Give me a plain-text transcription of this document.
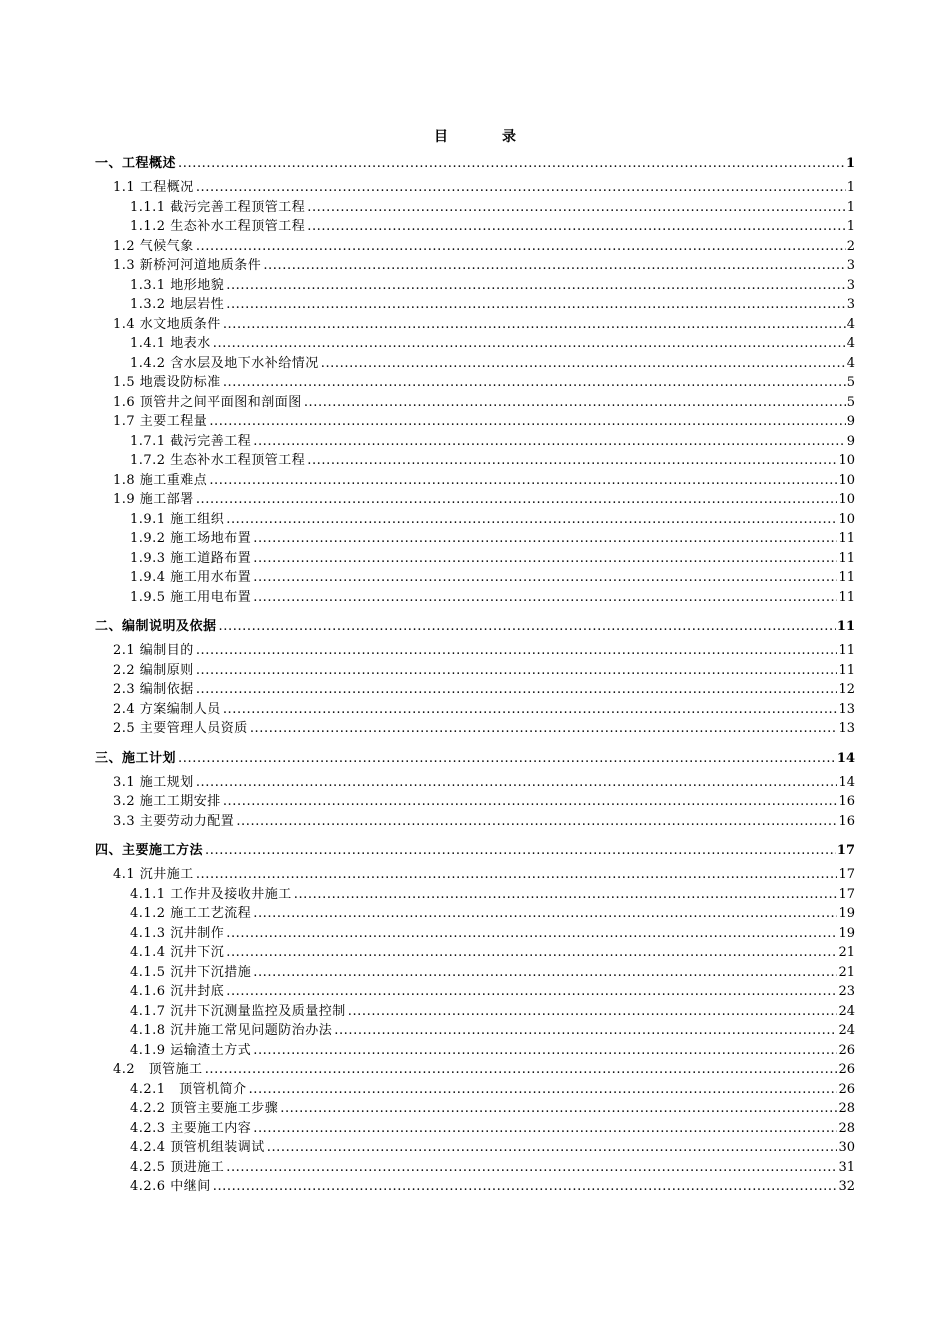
目　录
一、工程概述 .....	1
1.1 工程概况 .....	1
1.1.1 截污完善工程顶管工程 .....	1
1.1.2 生态补水工程顶管工程 .....	1
1.2 气候气象 .....	2
1.3 新桥河河道地质条件 .....	3
1.3.1 地形地貌 .....	3
1.3.2 地层岩性 .....	3
1.4 水文地质条件 .....	4
1.4.1 地表水 .....	4
1.4.2 含水层及地下水补给情况 .....	4
1.5 地震设防标准 .....	5
1.6 顶管井之间平面图和剖面图 .....	5
1.7 主要工程量 .....	9
1.7.1 截污完善工程 .....	9
1.7.2 生态补水工程顶管工程 .....	10
1.8 施工重难点 .....	10
1.9 施工部署 .....	10
1.9.1 施工组织 .....	10
1.9.2 施工场地布置 .....	11
1.9.3 施工道路布置 .....	11
1.9.4 施工用水布置 .....	11
1.9.5 施工用电布置 .....	11
二、编制说明及依据 .....	11
2.1 编制目的 .....	11
2.2 编制原则 .....	11
2.3 编制依据 .....	12
2.4 方案编制人员 .....	13
2.5 主要管理人员资质 .....	13
三、施工计划 .....	14
3.1 施工规划 .....	14
3.2 施工工期安排 .....	16
3.3 主要劳动力配置 .....	16
四、主要施工方法 .....	17
4.1 沉井施工 .....	17
4.1.1 工作井及接收井施工 .....	17
4.1.2 施工工艺流程 .....	19
4.1.3 沉井制作 .....	19
4.1.4 沉井下沉 .....	21
4.1.5 沉井下沉措施 .....	21
4.1.6 沉井封底 .....	23
4.1.7 沉井下沉测量监控及质量控制 .....	24
4.1.8 沉井施工常见问题防治办法 .....	24
4.1.9 运输渣土方式 .....	26
4.2　顶管施工 .....	26
4.2.1　顶管机简介 .....	26
4.2.2 顶管主要施工步骤 .....	28
4.2.3 主要施工内容 .....	28
4.2.4 顶管机组装调试 .....	30
4.2.5 顶进施工 .....	31
4.2.6 中继间 .....	32
